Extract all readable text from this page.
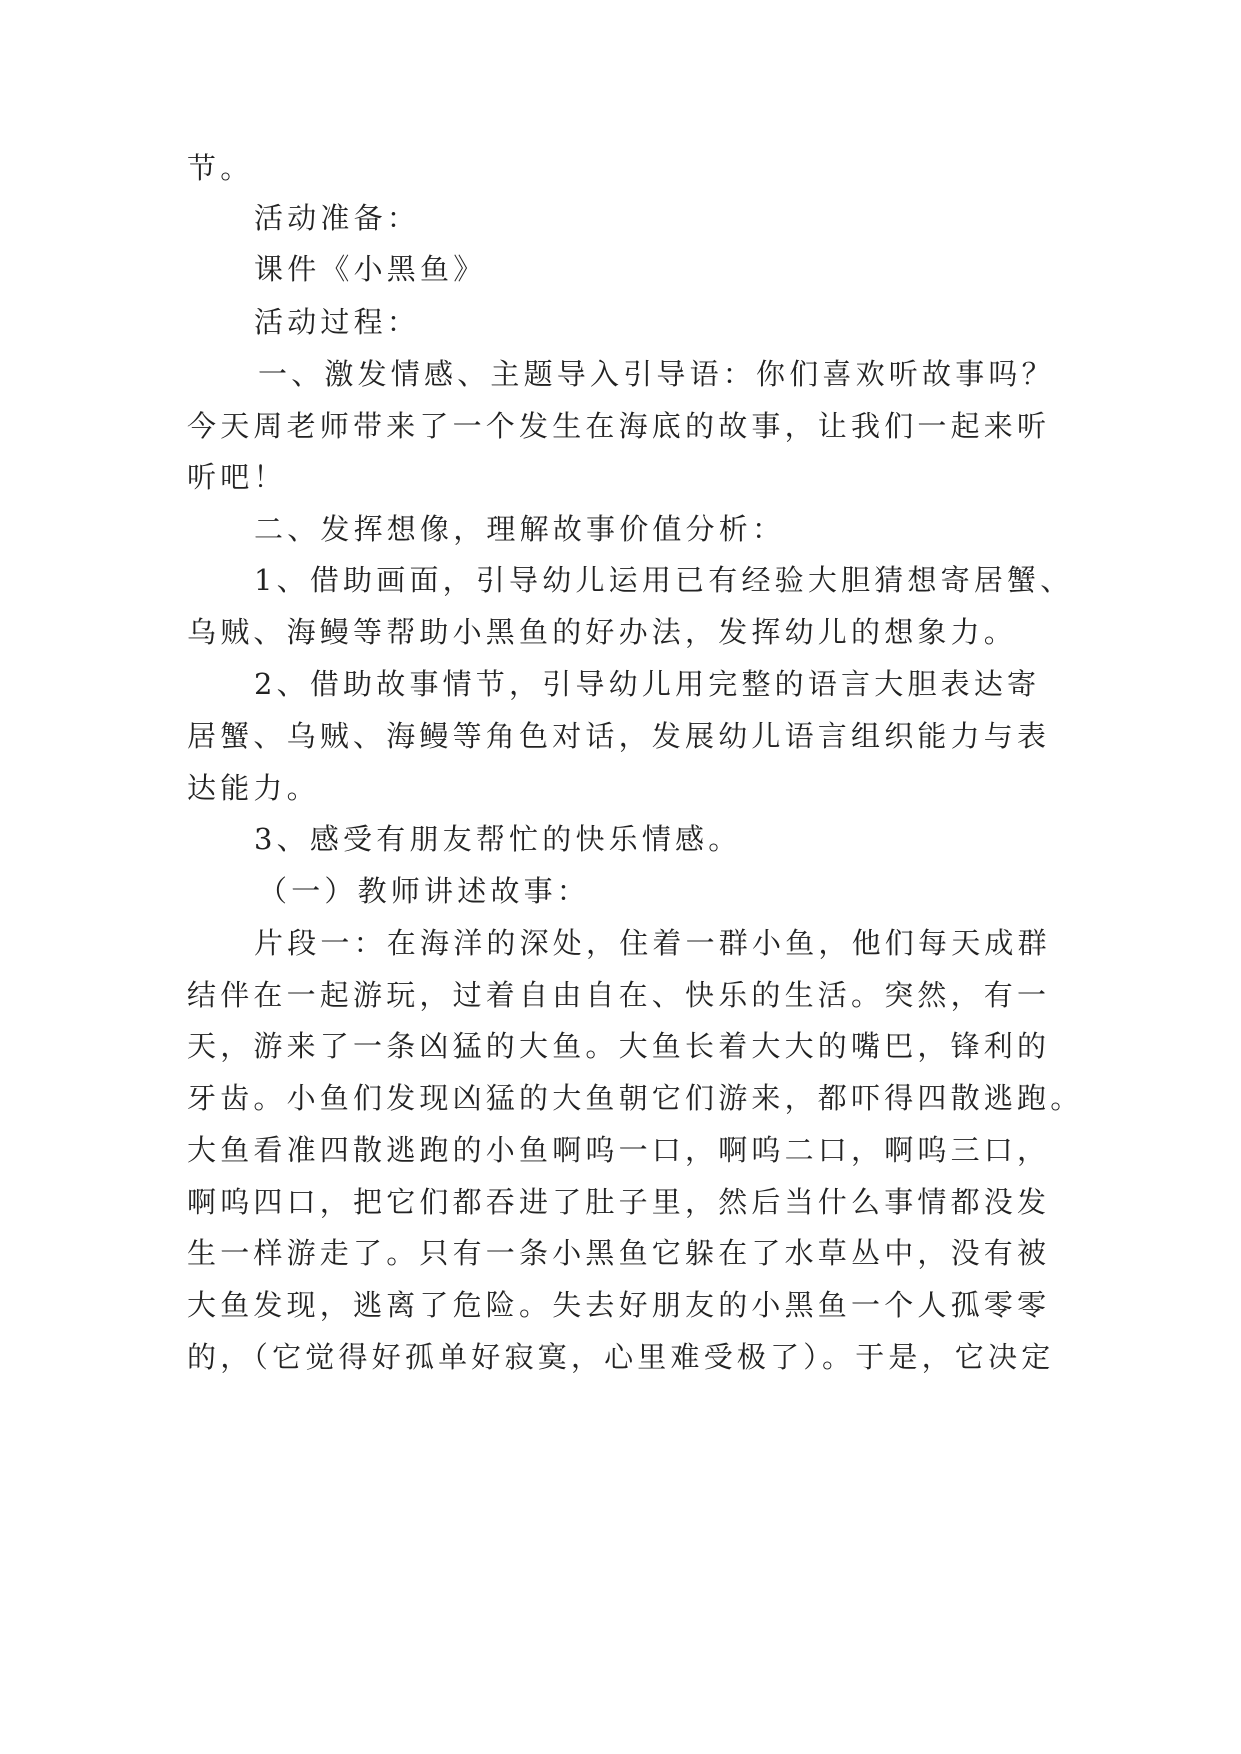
节。
活动准备：
课件《小黑鱼》
活动过程：
一、激发情感、主题导入引导语：你们喜欢听故事吗？
今天周老师带来了一个发生在海底的故事，让我们一起来听
听吧！
二、发挥想像，理解故事价值分析：
1、借助画面，引导幼儿运用已有经验大胆猜想寄居蟹、
乌贼、海鳗等帮助小黑鱼的好办法，发挥幼儿的想象力。
2、借助故事情节，引导幼儿用完整的语言大胆表达寄
居蟹、乌贼、海鳗等角色对话，发展幼儿语言组织能力与表
达能力。
3、感受有朋友帮忙的快乐情感。
（一）教师讲述故事：
片段一：在海洋的深处，住着一群小鱼，他们每天成群
结伴在一起游玩，过着自由自在、快乐的生活。突然，有一
天，游来了一条凶猛的大鱼。大鱼长着大大的嘴巴，锋利的
牙齿。小鱼们发现凶猛的大鱼朝它们游来，都吓得四散逃跑。
大鱼看准四散逃跑的小鱼啊呜一口，啊呜二口，啊呜三口，
啊呜四口，把它们都吞进了肚子里，然后当什么事情都没发
生一样游走了。只有一条小黑鱼它躲在了水草丛中，没有被
大鱼发现，逃离了危险。失去好朋友的小黑鱼一个人孤零零
的，（它觉得好孤单好寂寞，心里难受极了）。于是，它决定
